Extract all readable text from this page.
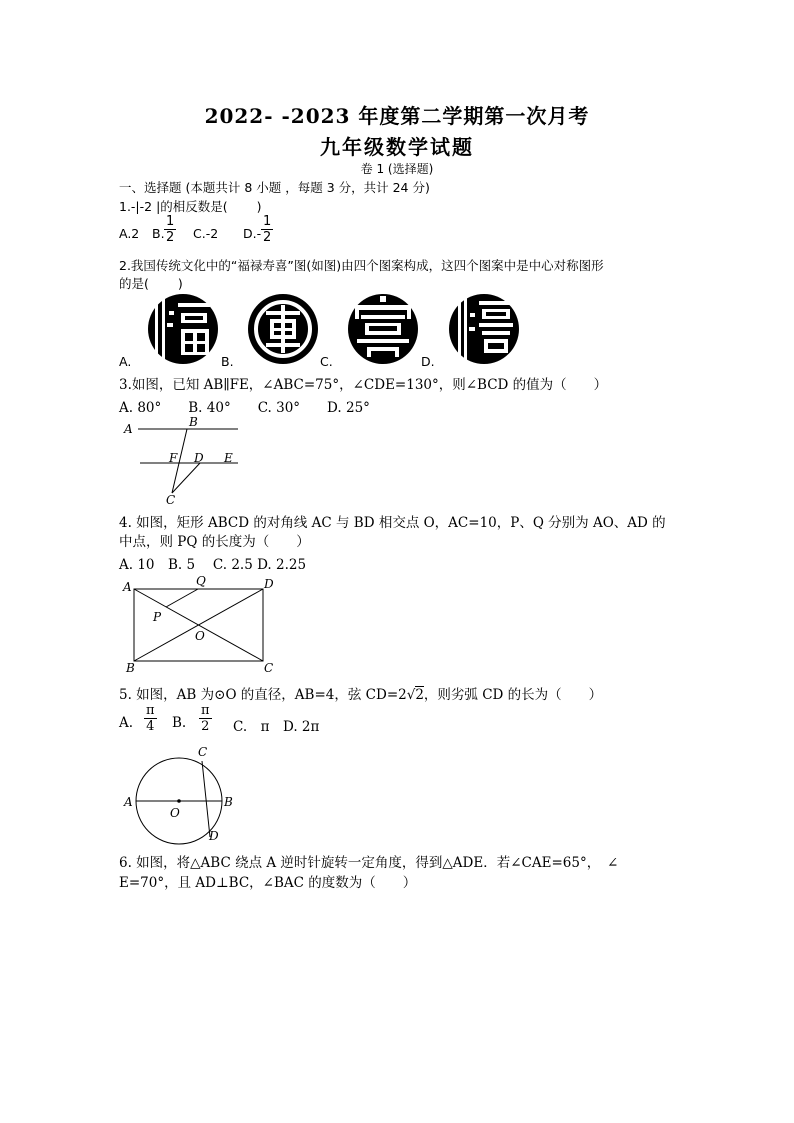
2022- -2023 年度第二学期第一次月考
九年级数学试题
卷 1 (选择题)
一、选择题 (本题共计 8 小题 ，每题 3 分，共计 24 分)
1.-|-2 |的相反数是(　　 )
A.2 B. $\frac{1}{2} C.-2$ $D.- \frac{1}{2}$
2.我国传统文化中的“福禄寿喜”图(如图)由四个图案构成，这四个图案中是中心对称图形
的是(　　 )
A.	B.	C.	D.
3.如图，已知 AB∥FE，∠ABC=75°，∠CDE=130°，则∠BCD 的值为（　　）
A. 80°　　B. 40°　　C. 30°　　D. 25°
A	B
F D E
C
4. 如图，矩形 ABCD 的对角线 AC 与 BD 相交点 O，AC=10，P、Q 分别为 AO、AD 的
中点，则 PQ 的长度为（　　）
A. 10　B. 5　 C. 2.5 D. 2.25
A	Q	D
P
O
B	C
5. 如图，AB 为⊙O 的直径，AB=4，弦 CD=2√2，则劣弧 CD 的长为（　　）
A. $\frac{\pi}{4} B$. $\frac{\pi}{2} C$.　π　D. 2π
C
A	B
O
D
6. 如图，将△ABC 绕点 A 逆时针旋转一定角度，得到△ADE．若∠CAE=65°，　∠
E=70°，且 AD⊥BC，∠BAC 的度数为（　　）
